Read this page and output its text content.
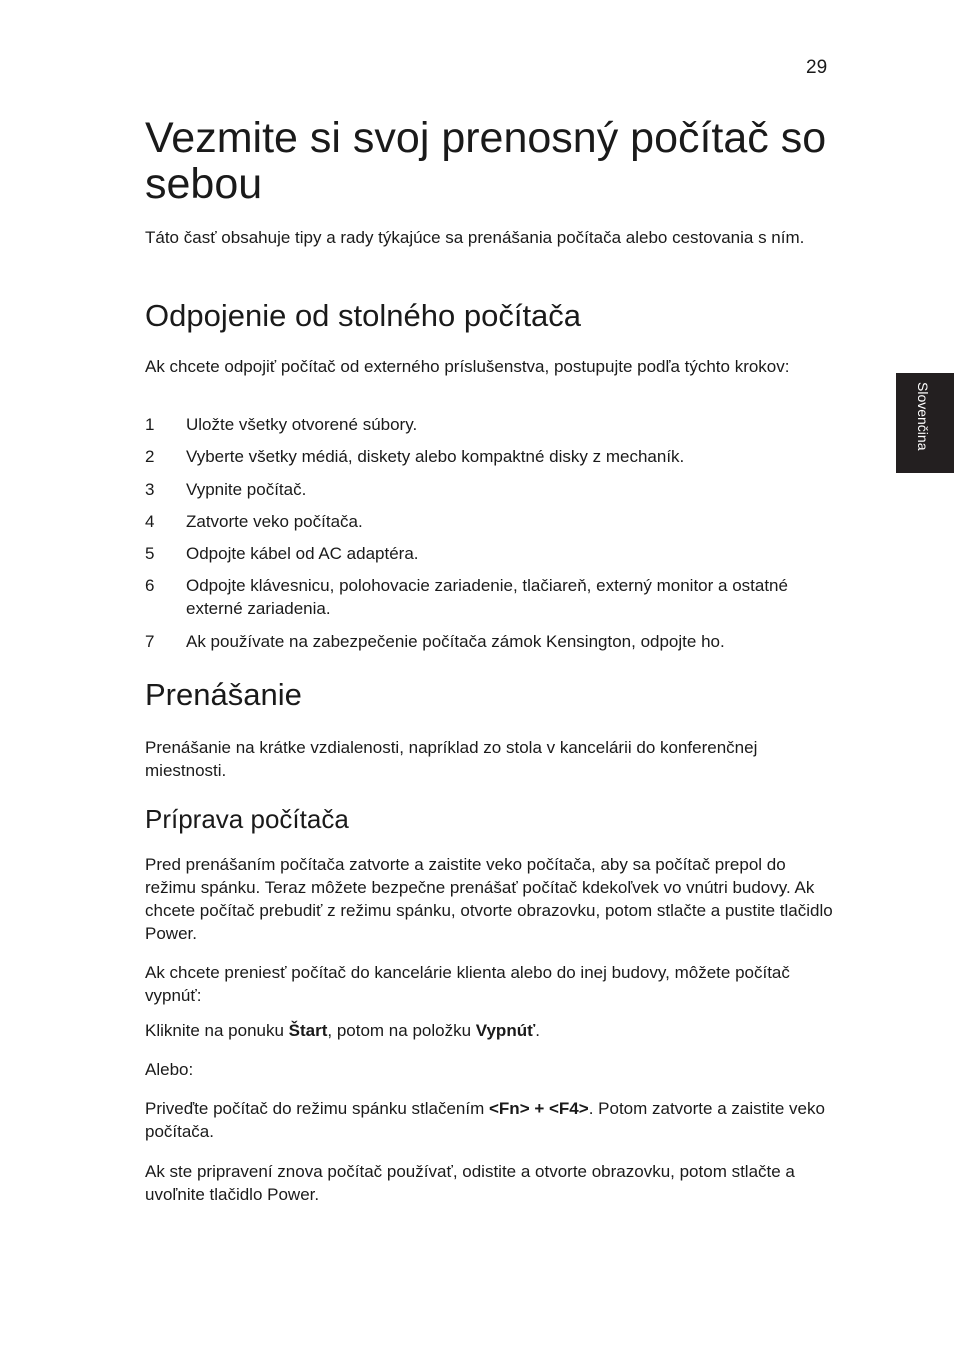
29
Slovenčina
Vezmite si svoj prenosný počítač so sebou

Táto časť obsahuje tipy a rady týkajúce sa prenášania počítača alebo cestovania s ním.

Odpojenie od stolného počítača

Ak chcete odpojiť počítač od externého príslušenstva, postupujte podľa týchto krokov:

1 Uložte všetky otvorené súbory.
2 Vyberte všetky médiá, diskety alebo kompaktné disky z mechaník.
3 Vypnite počítač.
4 Zatvorte veko počítača.
5 Odpojte kábel od AC adaptéra.
6 Odpojte klávesnicu, polohovacie zariadenie, tlačiareň, externý monitor a ostatné externé zariadenia.
7 Ak používate na zabezpečenie počítača zámok Kensington, odpojte ho.
Prenášanie

Prenášanie na krátke vzdialenosti, napríklad zo stola v kancelárii do konferenčnej miestnosti.

Príprava počítača

Pred prenášaním počítača zatvorte a zaistite veko počítača, aby sa počítač prepol do režimu spánku. Teraz môžete bezpečne prenášať počítač kdekoľvek vo vnútri budovy. Ak chcete počítač prebudiť z režimu spánku, otvorte obrazovku, potom stlačte a pustite tlačidlo Power.

Ak chcete preniesť počítač do kancelárie klienta alebo do inej budovy, môžete počítač vypnúť:

Kliknite na ponuku Štart, potom na položku Vypnúť.

Alebo:

Priveďte počítač do režimu spánku stlačením <Fn> + <F4>. Potom zatvorte a zaistite veko počítača.

Ak ste pripravení znova počítač používať, odistite a otvorte obrazovku, potom stlačte a uvoľnite tlačidlo Power.
